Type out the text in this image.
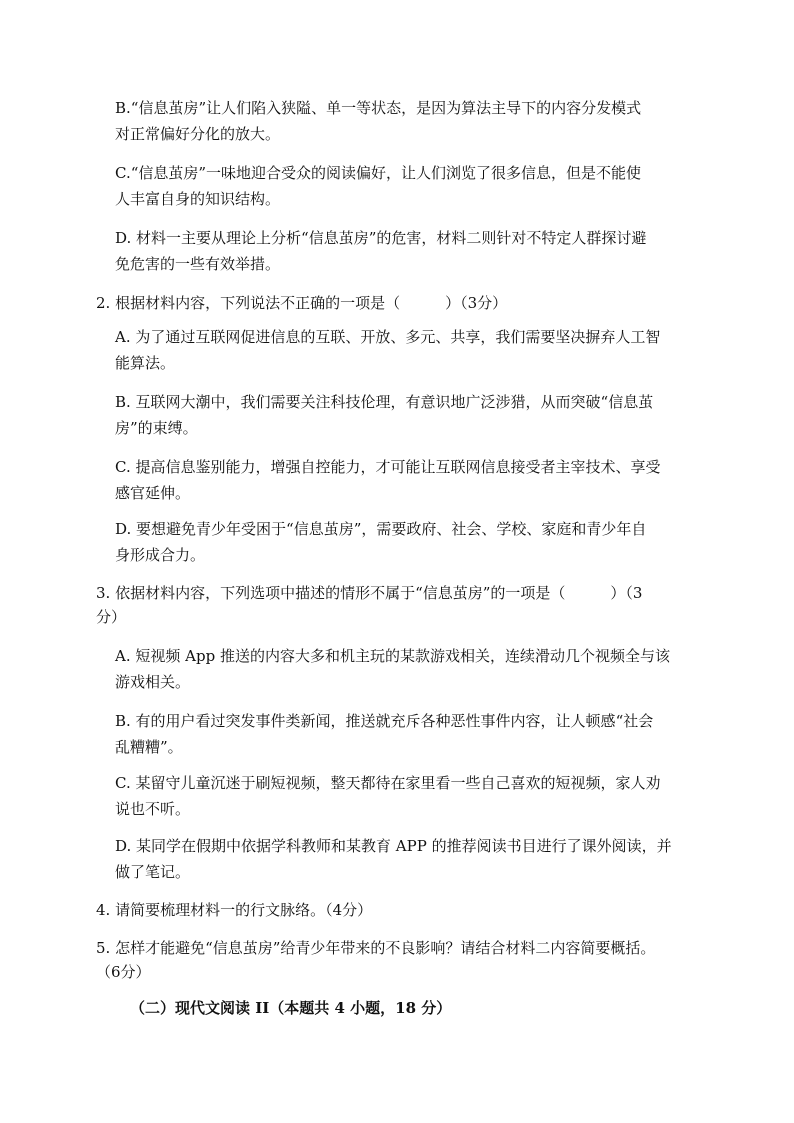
B.“信息茧房”让人们陷入狭隘、单一等状态，是因为算法主导下的内容分发模式
对正常偏好分化的放大。
C.“信息茧房”一味地迎合受众的阅读偏好，让人们浏览了很多信息，但是不能使
人丰富自身的知识结构。
D. 材料一主要从理论上分析“信息茧房”的危害，材料二则针对不特定人群探讨避
免危害的一些有效举措。
2. 根据材料内容，下列说法不正确的一项是（　　　）（3分）
A. 为了通过互联网促进信息的互联、开放、多元、共享，我们需要坚决摒弃人工智
能算法。
B. 互联网大潮中，我们需要关注科技伦理，有意识地广泛涉猎，从而突破“信息茧
房”的束缚。
C. 提高信息鉴别能力，增强自控能力，才可能让互联网信息接受者主宰技术、享受
感官延伸。
D. 要想避免青少年受困于“信息茧房”，需要政府、社会、学校、家庭和青少年自
身形成合力。
3. 依据材料内容，下列选项中描述的情形不属于“信息茧房”的一项是（　　　）（3
分）
A. 短视频 App 推送的内容大多和机主玩的某款游戏相关，连续滑动几个视频全与该
游戏相关。
B. 有的用户看过突发事件类新闻，推送就充斥各种恶性事件内容，让人顿感“社会
乱糟糟”。
C. 某留守儿童沉迷于刷短视频，整天都待在家里看一些自己喜欢的短视频，家人劝
说也不听。
D. 某同学在假期中依据学科教师和某教育 APP 的推荐阅读书目进行了课外阅读，并
做了笔记。
4. 请简要梳理材料一的行文脉络。（4分）
5. 怎样才能避免“信息茧房”给青少年带来的不良影响？请结合材料二内容简要概括。
（6分）
（二）现代文阅读 II（本题共 4 小题，18 分）
